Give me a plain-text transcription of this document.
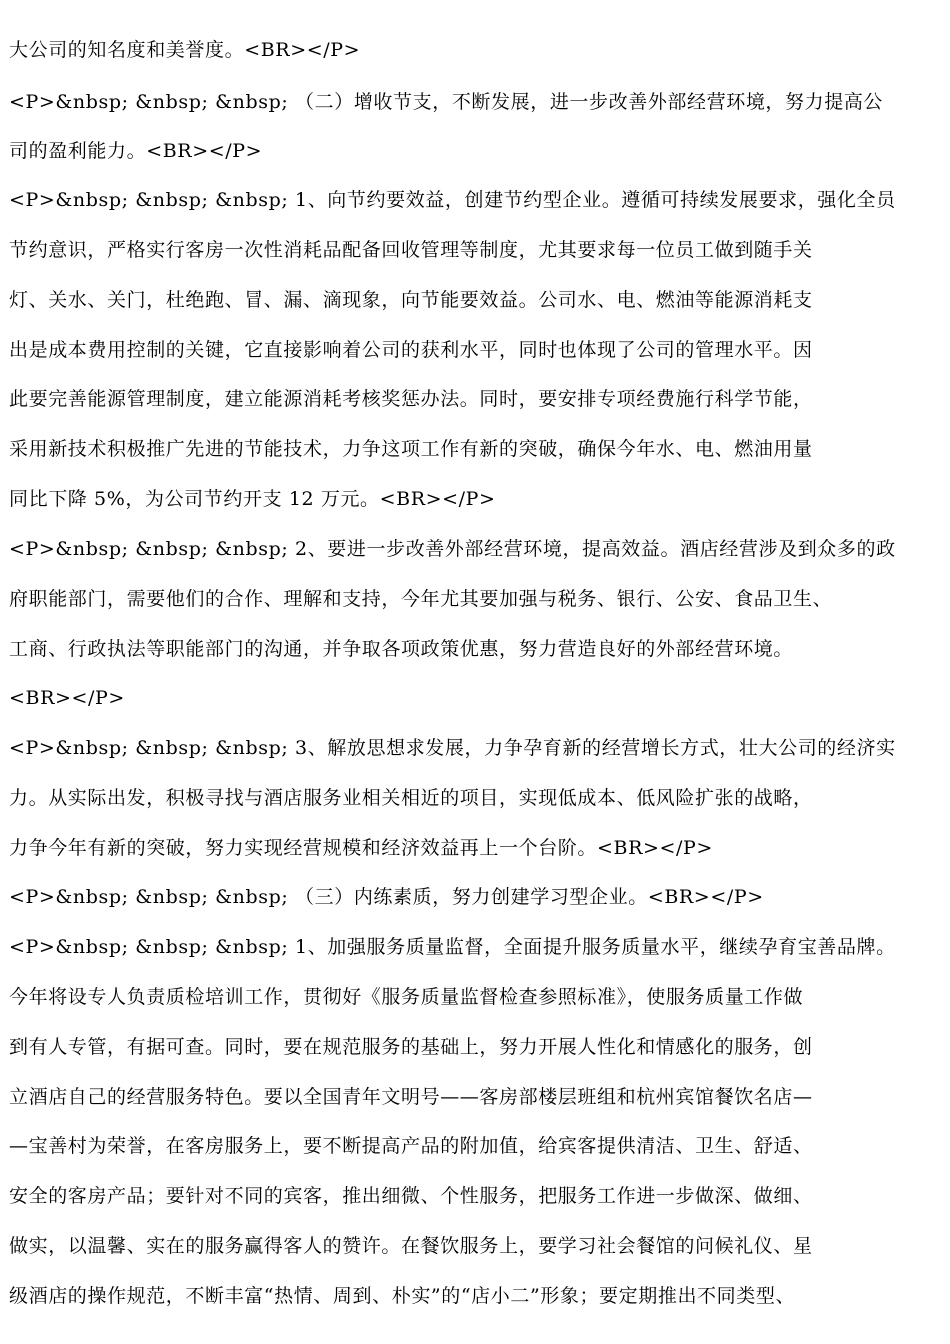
大公司的知名度和美誉度。<BR></P>
<P>&nbsp; &nbsp; &nbsp; （二）增收节支，不断发展，进一步改善外部经营环境，努力提高公
司的盈利能力。<BR></P>
<P>&nbsp; &nbsp; &nbsp; 1、向节约要效益，创建节约型企业。遵循可持续发展要求，强化全员
节约意识，严格实行客房一次性消耗品配备回收管理等制度，尤其要求每一位员工做到随手关
灯、关水、关门，杜绝跑、冒、漏、滴现象，向节能要效益。公司水、电、燃油等能源消耗支
出是成本费用控制的关键，它直接影响着公司的获利水平，同时也体现了公司的管理水平。因
此要完善能源管理制度，建立能源消耗考核奖惩办法。同时，要安排专项经费施行科学节能，
采用新技术积极推广先进的节能技术，力争这项工作有新的突破，确保今年水、电、燃油用量
同比下降 5%，为公司节约开支 12 万元。<BR></P>
<P>&nbsp; &nbsp; &nbsp; 2、要进一步改善外部经营环境，提高效益。酒店经营涉及到众多的政
府职能部门，需要他们的合作、理解和支持，今年尤其要加强与税务、银行、公安、食品卫生、
工商、行政执法等职能部门的沟通，并争取各项政策优惠，努力营造良好的外部经营环境。
<BR></P>
<P>&nbsp; &nbsp; &nbsp; 3、解放思想求发展，力争孕育新的经营增长方式，壮大公司的经济实
力。从实际出发，积极寻找与酒店服务业相关相近的项目，实现低成本、低风险扩张的战略，
力争今年有新的突破，努力实现经营规模和经济效益再上一个台阶。<BR></P>
<P>&nbsp; &nbsp; &nbsp; （三）内练素质，努力创建学习型企业。<BR></P>
<P>&nbsp; &nbsp; &nbsp; 1、加强服务质量监督，全面提升服务质量水平，继续孕育宝善品牌。
今年将设专人负责质检培训工作，贯彻好《服务质量监督检查参照标准》，使服务质量工作做
到有人专管，有据可查。同时，要在规范服务的基础上，努力开展人性化和情感化的服务，创
立酒店自己的经营服务特色。要以全国青年文明号——客房部楼层班组和杭州宾馆餐饮名店—
—宝善村为荣誉，在客房服务上，要不断提高产品的附加值，给宾客提供清洁、卫生、舒适、
安全的客房产品；要针对不同的宾客，推出细微、个性服务，把服务工作进一步做深、做细、
做实，以温馨、实在的服务赢得客人的赞许。在餐饮服务上，要学习社会餐馆的问候礼仪、星
级酒店的操作规范，不断丰富“热情、周到、朴实”的“店小二”形象；要定期推出不同类型、
